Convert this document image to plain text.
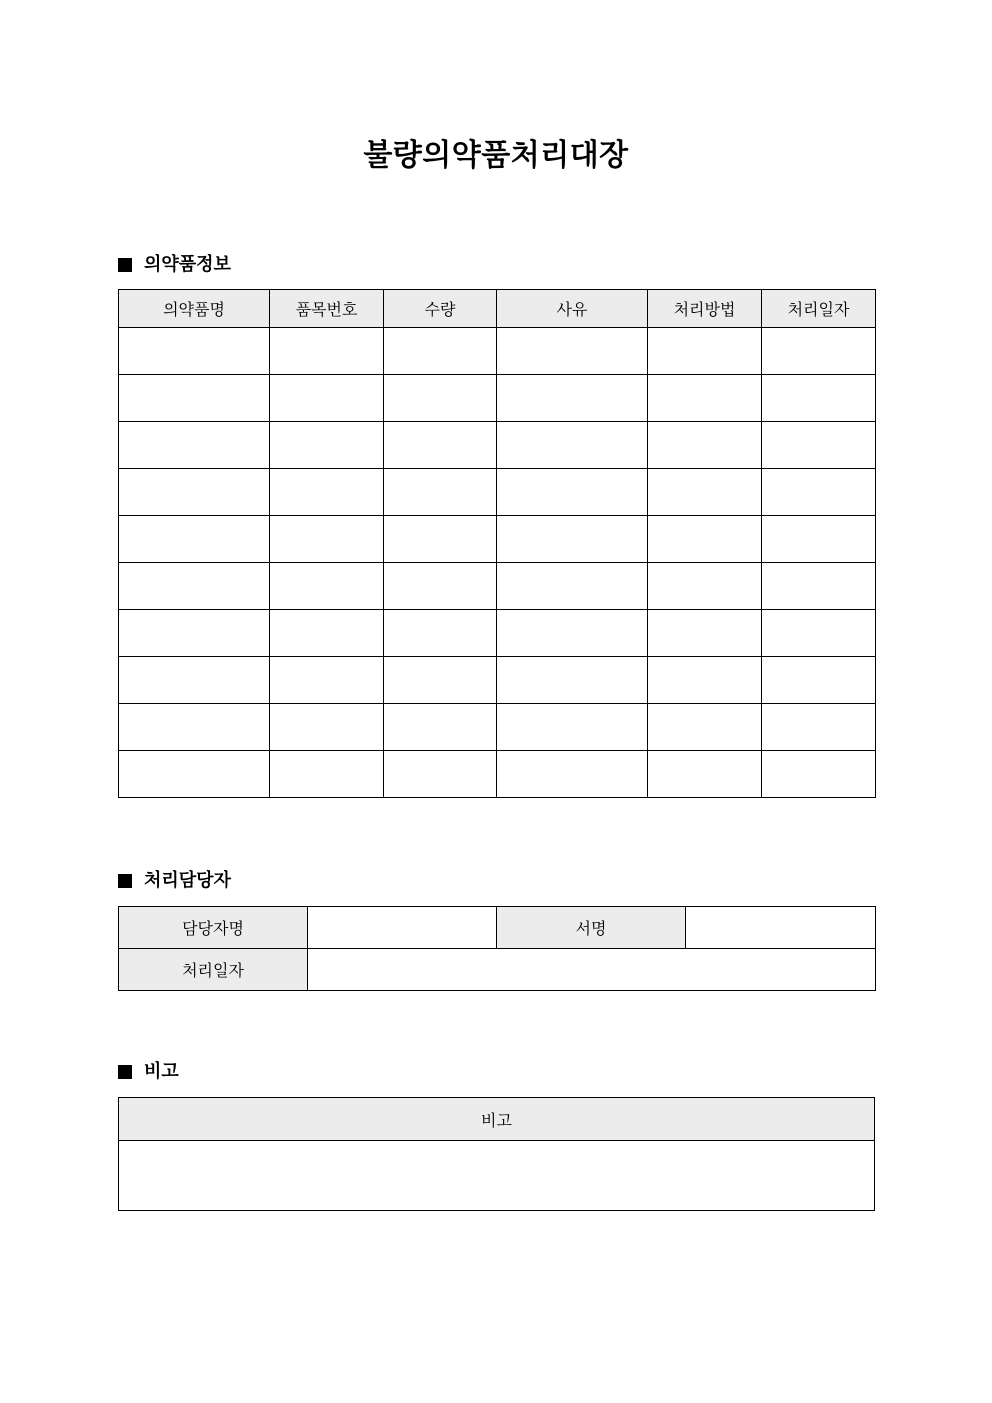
불량의약품처리대장
의약품정보
의약품명	품목번호	수량	사유	처리방법	처리일자

처리담당자
담당자명		서명	
처리일자			
비고
비고
